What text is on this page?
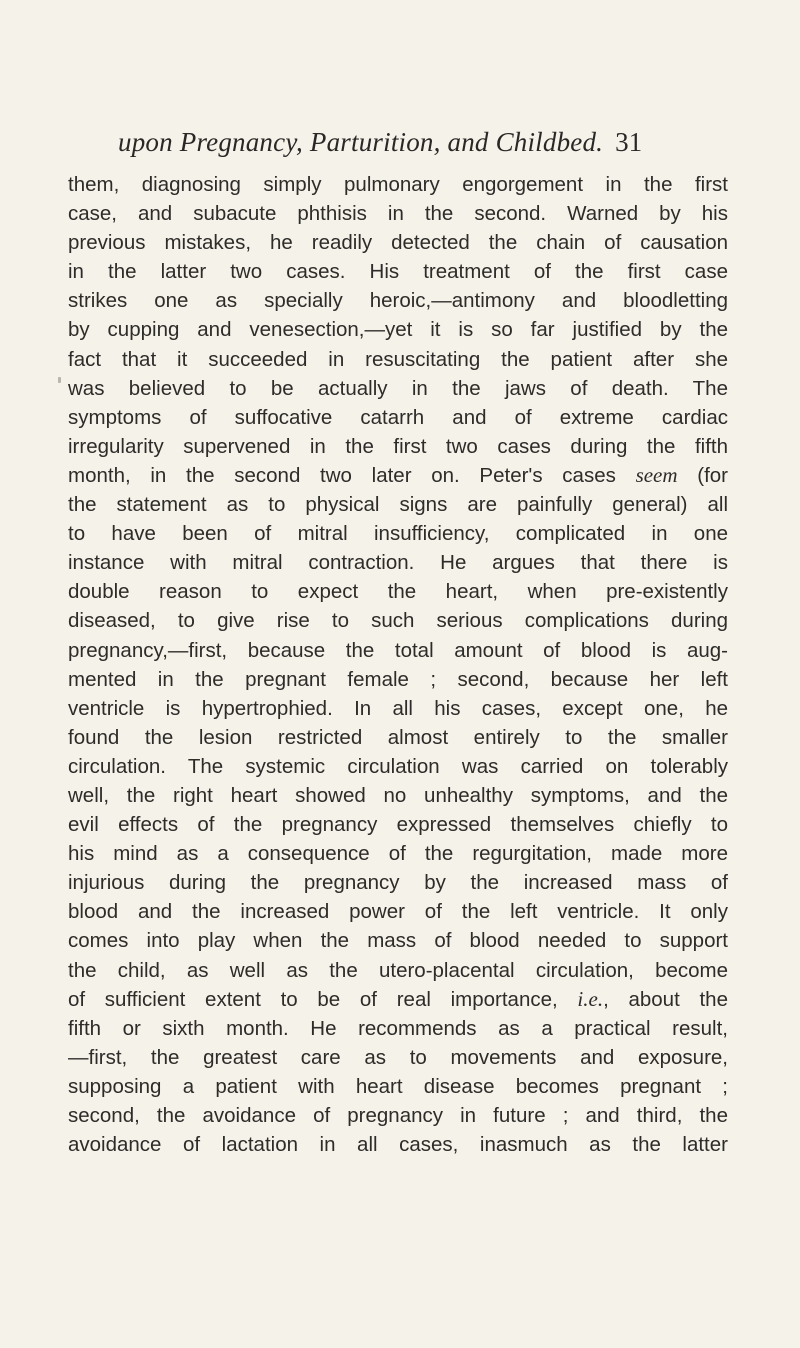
upon Pregnancy, Parturition, and Childbed. 31
them, diagnosing simply pulmonary engorgement in the first
case, and subacute phthisis in the second. Warned by his
previous mistakes, he readily detected the chain of causation
in the latter two cases. His treatment of the first case
strikes one as specially heroic,—antimony and bloodletting
by cupping and venesection,—yet it is so far justified by the
fact that it succeeded in resuscitating the patient after she
was believed to be actually in the jaws of death. The
symptoms of suffocative catarrh and of extreme cardiac
irregularity supervened in the first two cases during the fifth
month, in the second two later on. Peter's cases seem (for
the statement as to physical signs are painfully general) all
to have been of mitral insufficiency, complicated in one
instance with mitral contraction. He argues that there is
double reason to expect the heart, when pre-existently
diseased, to give rise to such serious complications during
pregnancy,—first, because the total amount of blood is aug-
mented in the pregnant female ; second, because her left
ventricle is hypertrophied. In all his cases, except one, he
found the lesion restricted almost entirely to the smaller
circulation. The systemic circulation was carried on tolerably
well, the right heart showed no unhealthy symptoms, and the
evil effects of the pregnancy expressed themselves chiefly to
his mind as a consequence of the regurgitation, made more
injurious during the pregnancy by the increased mass of
blood and the increased power of the left ventricle. It only
comes into play when the mass of blood needed to support
the child, as well as the utero-placental circulation, become
of sufficient extent to be of real importance, i.e., about the
fifth or sixth month. He recommends as a practical result,
—first, the greatest care as to movements and exposure,
supposing a patient with heart disease becomes pregnant ;
second, the avoidance of pregnancy in future ; and third, the
avoidance of lactation in all cases, inasmuch as the latter
